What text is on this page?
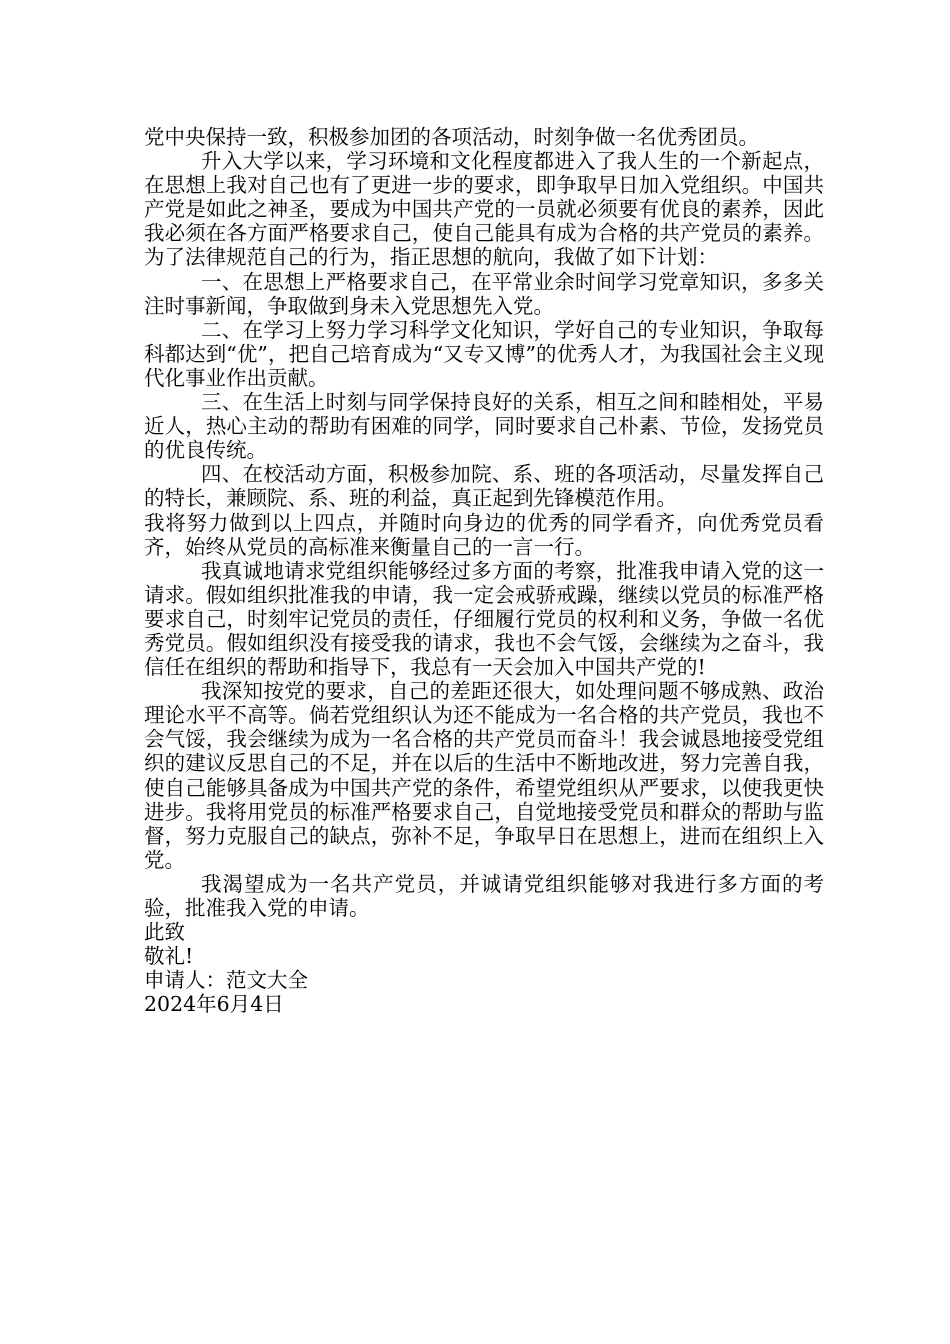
党中央保持一致，积极参加团的各项活动，时刻争做一名优秀团员。

升入大学以来，学习环境和文化程度都进入了我人生的一个新起点，在思想上我对自己也有了更进一步的要求，即争取早日加入党组织。中国共产党是如此之神圣，要成为中国共产党的一员就必须要有优良的素养，因此我必须在各方面严格要求自己，使自己能具有成为合格的共产党员的素养。为了法律规范自己的行为，指正思想的航向，我做了如下计划：

一、在思想上严格要求自己，在平常业余时间学习党章知识，多多关注时事新闻，争取做到身未入党思想先入党。

二、在学习上努力学习科学文化知识，学好自己的专业知识，争取每科都达到“优”，把自己培育成为“又专又博”的优秀人才，为我国社会主义现代化事业作出贡献。

三、在生活上时刻与同学保持良好的关系，相互之间和睦相处，平易近人，热心主动的帮助有困难的同学，同时要求自己朴素、节俭，发扬党员的优良传统。

四、在校活动方面，积极参加院、系、班的各项活动，尽量发挥自己的特长，兼顾院、系、班的利益，真正起到先锋模范作用。

我将努力做到以上四点，并随时向身边的优秀的同学看齐，向优秀党员看齐，始终从党员的高标准来衡量自己的一言一行。

我真诚地请求党组织能够经过多方面的考察，批准我申请入党的这一请求。假如组织批准我的申请，我一定会戒骄戒躁，继续以党员的标准严格要求自己，时刻牢记党员的责任，仔细履行党员的权利和义务，争做一名优秀党员。假如组织没有接受我的请求，我也不会气馁，会继续为之奋斗，我信任在组织的帮助和指导下，我总有一天会加入中国共产党的!

我深知按党的要求，自己的差距还很大，如处理问题不够成熟、政治理论水平不高等。倘若党组织认为还不能成为一名合格的共产党员，我也不会气馁，我会继续为成为一名合格的共产党员而奋斗！我会诚恳地接受党组织的建议反思自己的不足，并在以后的生活中不断地改进，努力完善自我，使自己能够具备成为中国共产党的条件，希望党组织从严要求，以使我更快进步。我将用党员的标准严格要求自己，自觉地接受党员和群众的帮助与监督，努力克服自己的缺点，弥补不足，争取早日在思想上，进而在组织上入党。

我渴望成为一名共产党员，并诚请党组织能够对我进行多方面的考验，批准我入党的申请。

此致

敬礼!

申请人：范文大全

2024年6月4日
